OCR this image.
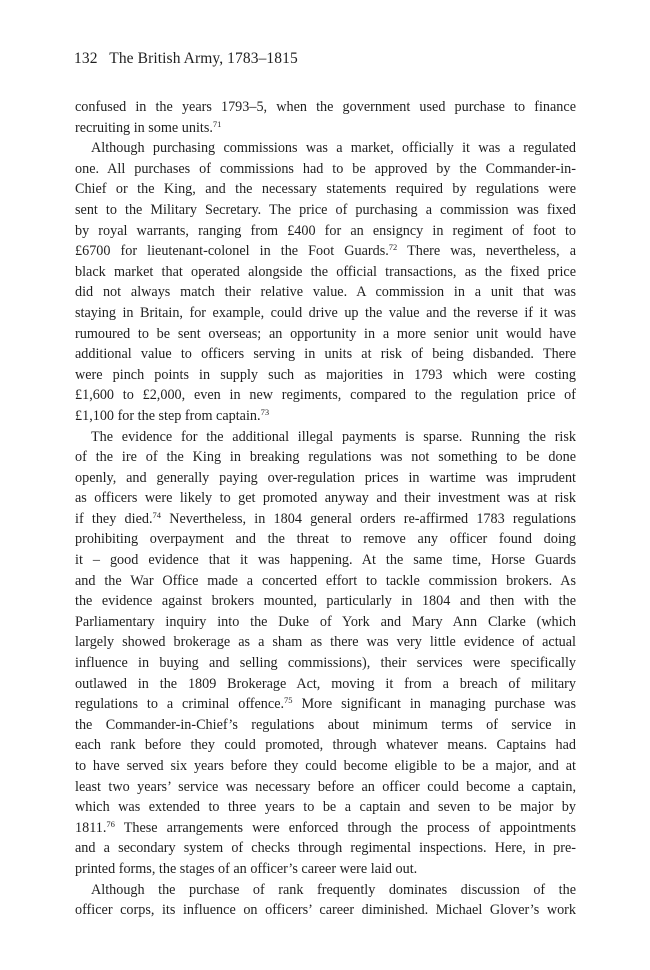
132 The British Army, 1783–1815
confused in the years 1793–5, when the government used purchase to finance
recruiting in some units.$^{71}$
Although purchasing commissions was a market, officially it was a regulated
one. All purchases of commissions had to be approved by the Commander-in-
Chief or the King, and the necessary statements required by regulations were
sent to the Military Secretary. The price of purchasing a commission was fixed
by royal warrants, ranging from £400 for an ensigncy in regiment of foot to
£6700 for lieutenant-colonel in the Foot Guards.$^{72}$ There was, nevertheless, a
black market that operated alongside the official transactions, as the fixed price
did not always match their relative value. A commission in a unit that was
staying in Britain, for example, could drive up the value and the reverse if it was
rumoured to be sent overseas; an opportunity in a more senior unit would have
additional value to officers serving in units at risk of being disbanded. There
were pinch points in supply such as majorities in 1793 which were costing
£1,600 to £2,000, even in new regiments, compared to the regulation price of
£1,100 for the step from captain.$^{73}$
The evidence for the additional illegal payments is sparse. Running the risk
of the ire of the King in breaking regulations was not something to be done
openly, and generally paying over-regulation prices in wartime was imprudent
as officers were likely to get promoted anyway and their investment was at risk
if they died.$^{74}$ Nevertheless, in 1804 general orders re-affirmed 1783 regulations
prohibiting overpayment and the threat to remove any officer found doing
it – good evidence that it was happening. At the same time, Horse Guards
and the War Office made a concerted effort to tackle commission brokers. As
the evidence against brokers mounted, particularly in 1804 and then with the
Parliamentary inquiry into the Duke of York and Mary Ann Clarke (which
largely showed brokerage as a sham as there was very little evidence of actual
influence in buying and selling commissions), their services were specifically
outlawed in the 1809 Brokerage Act, moving it from a breach of military
regulations to a criminal offence.$^{75}$ More significant in managing purchase was
the Commander-in-Chief’s regulations about minimum terms of service in
each rank before they could promoted, through whatever means. Captains had
to have served six years before they could become eligible to be a major, and at
least two years’ service was necessary before an officer could become a captain,
which was extended to three years to be a captain and seven to be major by
1811.76 These arrangements were enforced through the process of appointments
and a secondary system of checks through regimental inspections. Here, in pre-
printed forms, the stages of an officer’s career were laid out.
Although the purchase of rank frequently dominates discussion of the
officer corps, its influence on officers’ career diminished. Michael Glover’s work
